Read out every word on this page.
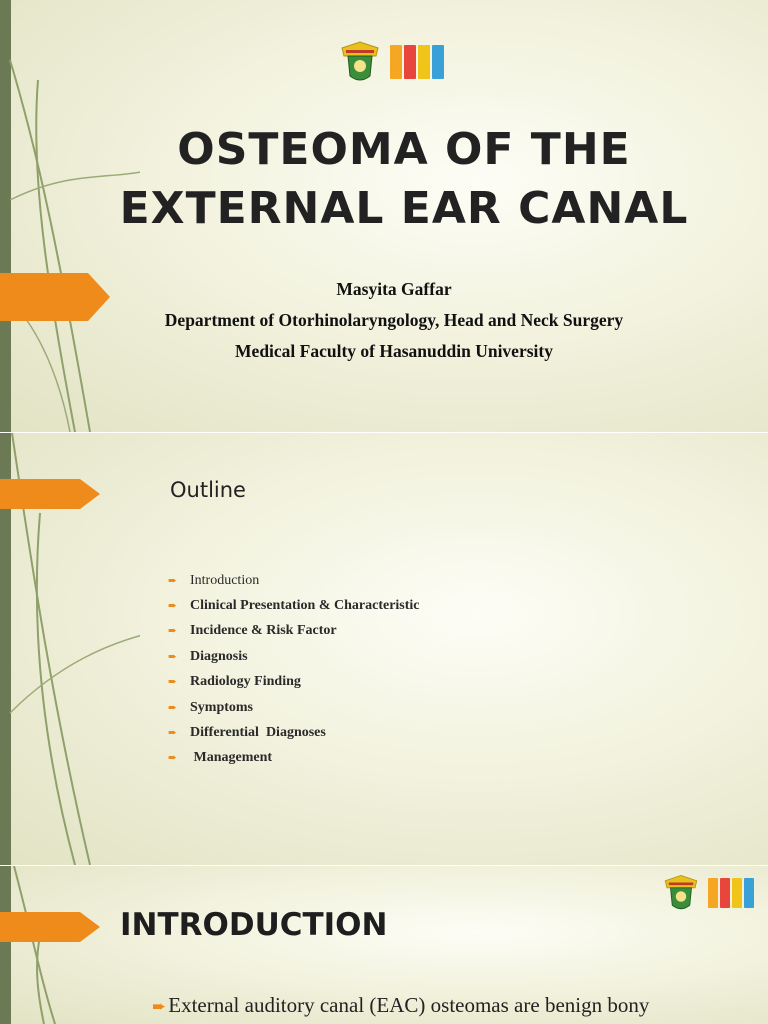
OSTEOMA OF THE
EXTERNAL EAR CANAL
Masyita Gaffar
Department of Otorhinolaryngology, Head and Neck Surgery
Medical Faculty of Hasanuddin University
Outline
➨ Introduction
➨ Clinical Presentation & Characteristic
➨ Incidence & Risk Factor
➨ Diagnosis
➨ Radiology Finding
➨ Symptoms
➨ Differential  Diagnoses
➨ Management
INTRODUCTION
➨External auditory canal (EAC) osteomas are benign bony
